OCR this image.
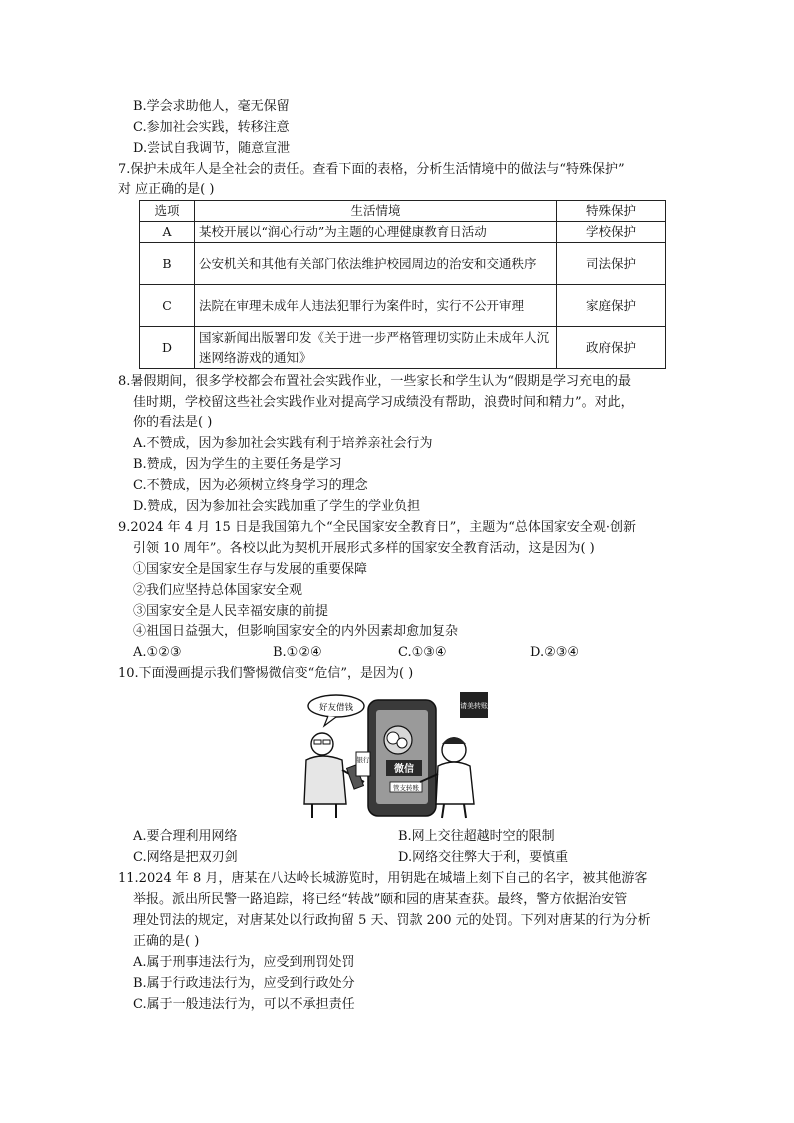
B.学会求助他人，毫无保留
C.参加社会实践，转移注意
D.尝试自我调节，随意宣泄
7.保护未成年人是全社会的责任。查看下面的表格，分析生活情境中的做法与“特殊保护”
对 应正确的是( )
选项	生活情境	特殊保护
A	某校开展以“润心行动”为主题的心理健康教育日活动	学校保护
B	公安机关和其他有关部门依法维护校园周边的治安和交通秩序	司法保护
C	法院在审理未成年人违法犯罪行为案件时，实行不公开审理	家庭保护
D	国家新闻出版署印发《关于进一步严格管理切实防止未成年人沉迷网络游戏的通知》	政府保护
8.暑假期间，很多学校都会布置社会实践作业，一些家长和学生认为“假期是学习充电的最
佳时期，学校留这些社会实践作业对提高学习成绩没有帮助，浪费时间和精力”。对此，
你的看法是( )
A.不赞成，因为参加社会实践有利于培养亲社会行为
B.赞成，因为学生的主要任务是学习
C.不赞成，因为必须树立终身学习的理念
D.赞成，因为参加社会实践加重了学生的学业负担
9.2024 年 4 月 15 日是我国第九个“全民国家安全教育日”，主题为“总体国家安全观·创新
引领 10 周年”。各校以此为契机开展形式多样的国家安全教育活动，这是因为( )
①国家安全是国家生存与发展的重要保障
②我们应坚持总体国家安全观
③国家安全是人民幸福安康的前提
④祖国日益强大，但影响国家安全的内外因素却愈加复杂
A.①②③	B.①②④	C.①③④	D.②③④
10.下面漫画提示我们警惕微信变“危信”，是因为( )
好友借钱
微信
管支转账
银行
请美转账
A.要合理利用网络	B.网上交往超越时空的限制
C.网络是把双刃剑	D.网络交往弊大于利，要慎重
11.2024 年 8 月，唐某在八达岭长城游览时，用钥匙在城墙上刻下自己的名字，被其他游客
举报。派出所民警一路追踪，将已经“转战”颐和园的唐某查获。最终，警方依据治安管
理处罚法的规定，对唐某处以行政拘留 5 天、罚款 200 元的处罚。下列对唐某的行为分析
正确的是( )
A.属于刑事违法行为，应受到刑罚处罚
B.属于行政违法行为，应受到行政处分
C.属于一般违法行为，可以不承担责任
